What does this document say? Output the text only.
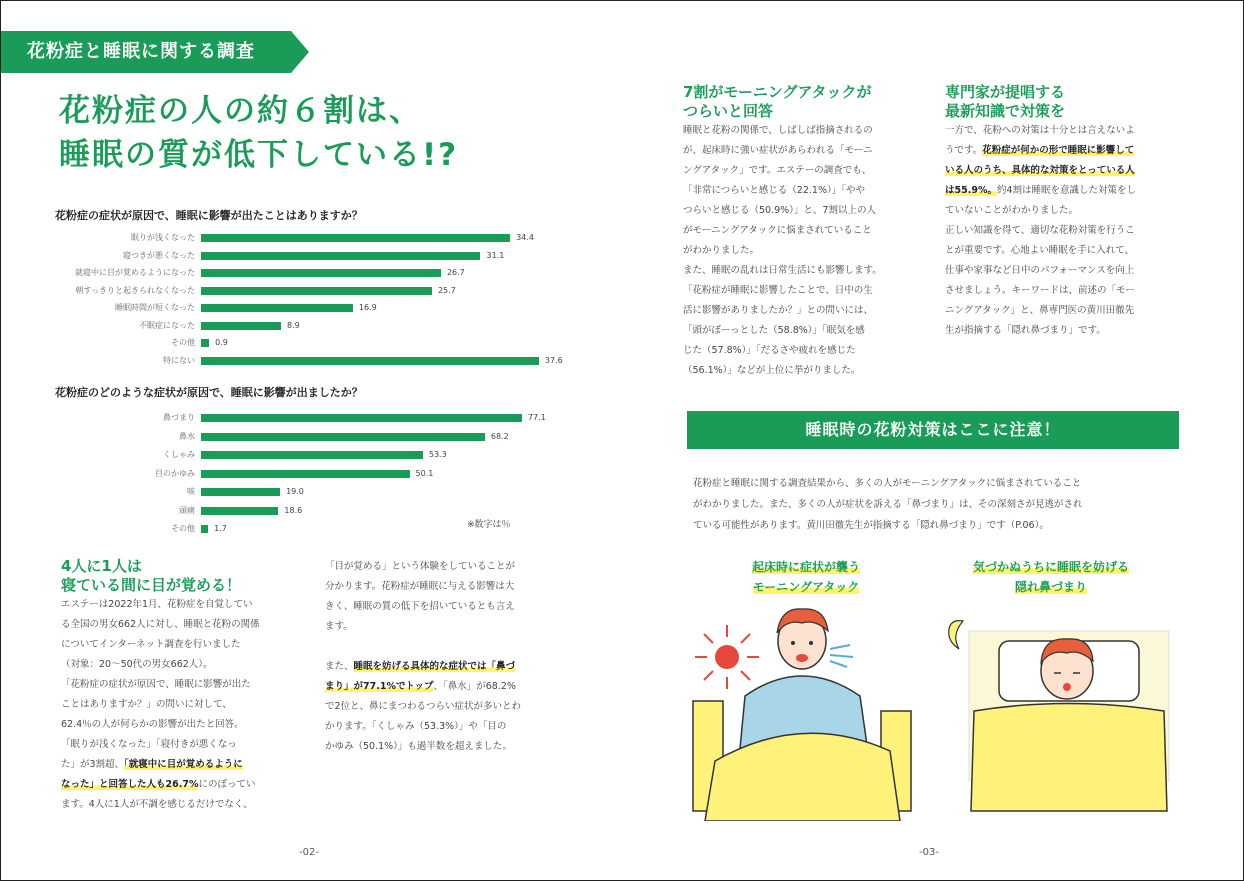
花粉症と睡眠に関する調査
花粉症の人の約６割は、
睡眠の質が低下している!?
花粉症の症状が原因で、睡眠に影響が出たことはありますか？
眠りが浅くなった	34.4
寝つきが悪くなった	31.1
就寝中に目が覚めるようになった	26.7
朝すっきりと起きられなくなった	25.7
睡眠時間が短くなった	16.9
不眠症になった	8.9
その他	0.9
特にない	37.6
花粉症のどのような症状が原因で、睡眠に影響が出ましたか？
鼻づまり	77.1
鼻水	68.2
くしゃみ	53.3
目のかゆみ	50.1
咳	19.0
頭痛	18.6
その他 1.7	※数字は％
4人に1人は
寝ている間に目が覚める！
エステーは2022年1月、花粉症を自覚してい
る全国の男女662人に対し、睡眠と花粉の関係
についてインターネット調査を行いました
（対象：20～50代の男女662人）。
「花粉症の症状が原因で、睡眠に影響が出た
ことはありますか？」の問いに対して、
62.4％の人が何らかの影響が出たと回答。
「眠りが浅くなった」「寝付きが悪くなっ
た」が3割超、「就寝中に目が覚めるように
なった」と回答した人も26.7%にのぼってい
ます。4人に1人が不調を感じるだけでなく、
「目が覚める」という体験をしていることが
分かります。花粉症が睡眠に与える影響は大
きく、睡眠の質の低下を招いているとも言え
ます。
また、睡眠を妨げる具体的な症状では「鼻づ
まり」が77.1%でトップ、「鼻水」が68.2%
で2位と、鼻にまつわるつらい症状が多いとわ
かります。「くしゃみ（53.3%）」や「目の
かゆみ（50.1%）」も過半数を超えました。
7割がモーニングアタックが
つらいと回答
睡眠と花粉の関係で、しばしば指摘されるの
が、起床時に強い症状があらわれる「モーニ
ングアタック」です。エステーの調査でも、
「非常につらいと感じる（22.1%）」「やや
つらいと感じる（50.9%）」と、7割以上の人
がモーニングアタックに悩まされていること
がわかりました。
また、睡眠の乱れは日常生活にも影響します。
「花粉症が睡眠に影響したことで、日中の生
活に影響がありましたか？」との問いには、
「頭がぼーっとした（58.8%）」「眠気を感
じた（57.8%）」「だるさや疲れを感じた
（56.1%）」などが上位に挙がりました。
専門家が提唱する
最新知識で対策を
一方で、花粉への対策は十分とは言えないよ
うです。花粉症が何かの形で睡眠に影響して
いる人のうち、具体的な対策をとっている人
は55.9%。約4割は睡眠を意識した対策をし
ていないことがわかりました。
正しい知識を得て、適切な花粉対策を行うこ
とが重要です。心地よい睡眠を手に入れて、
仕事や家事など日中のパフォーマンスを向上
させましょう。キーワードは、前述の「モー
ニングアタック」と、鼻専門医の黄川田徹先
生が指摘する「隠れ鼻づまり」です。
睡眠時の花粉対策はここに注意！
花粉症と睡眠に関する調査結果から、多くの人がモーニングアタックに悩まされていること
がわかりました。また、多くの人が症状を訴える「鼻づまり」は、その深刻さが見逃がされ
ている可能性があります。黄川田徹先生が指摘する「隠れ鼻づまり」です（P.06）。
起床時に症状が襲う
モーニングアタック
気づかぬうちに睡眠を妨げる
隠れ鼻づまり
-02-	-03-
